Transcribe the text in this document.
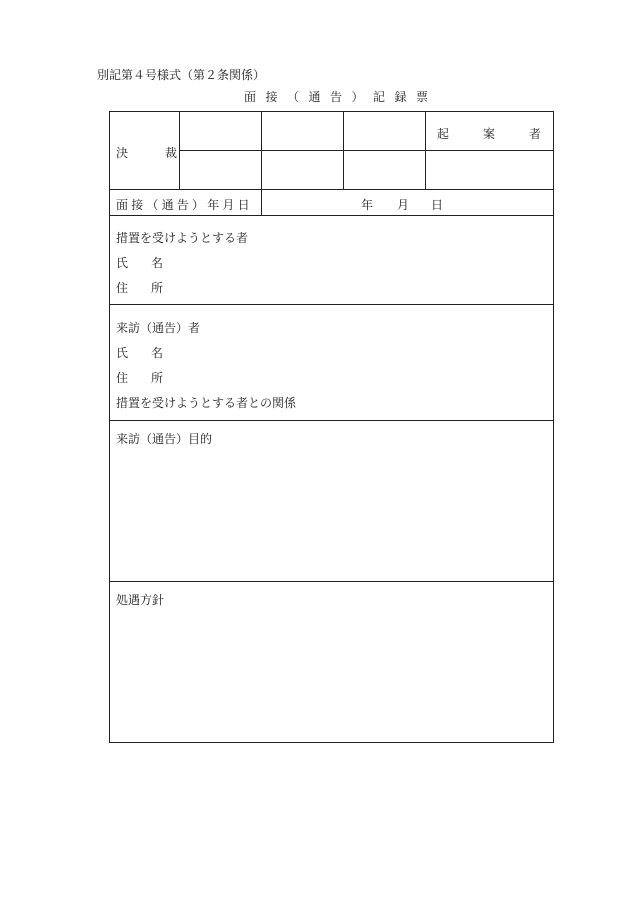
別記第４号様式（第２条関係）
面接（通告）記録票
決裁
起案者
面接（通告）年月日	年 月 日
措置を受けようとする者
氏名
住所
来訪（通告）者
氏名
住所
措置を受けようとする者との関係
来訪（通告）目的
処遇方針
